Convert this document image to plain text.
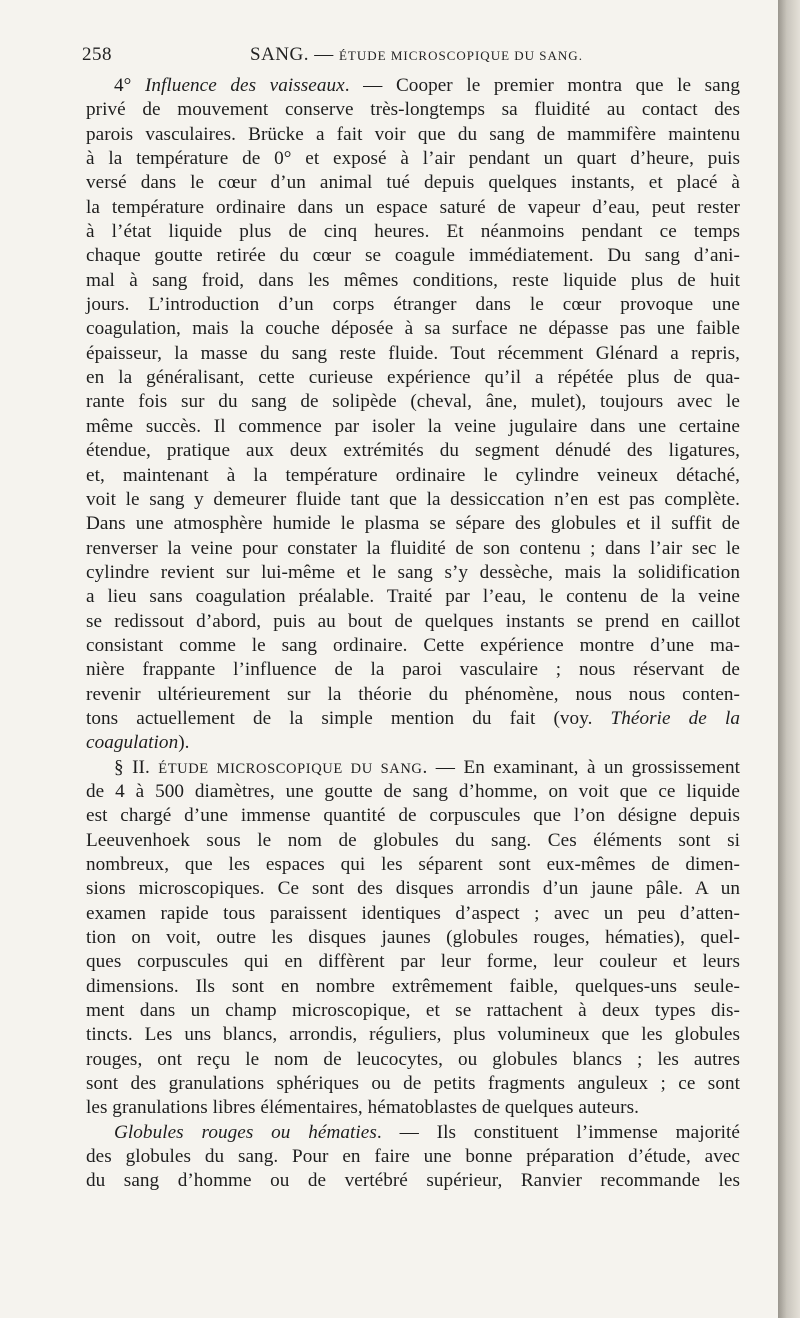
258	SANG. — ÉTUDE MICROSCOPIQUE DU SANG.
4° Influence des vaisseaux. — Cooper le premier montra que le sang
privé de mouvement conserve très-longtemps sa fluidité au contact des
parois vasculaires. Brücke a fait voir que du sang de mammifère maintenu
à la température de 0° et exposé à l’air pendant un quart d’heure, puis
versé dans le cœur d’un animal tué depuis quelques instants, et placé à
la température ordinaire dans un espace saturé de vapeur d’eau, peut rester
à l’état liquide plus de cinq heures. Et néanmoins pendant ce temps
chaque goutte retirée du cœur se coagule immédiatement. Du sang d’ani-
mal à sang froid, dans les mêmes conditions, reste liquide plus de huit
jours. L’introduction d’un corps étranger dans le cœur provoque une
coagulation, mais la couche déposée à sa surface ne dépasse pas une faible
épaisseur, la masse du sang reste fluide. Tout récemment Glénard a repris,
en la généralisant, cette curieuse expérience qu’il a répétée plus de qua-
rante fois sur du sang de solipède (cheval, âne, mulet), toujours avec le
même succès. Il commence par isoler la veine jugulaire dans une certaine
étendue, pratique aux deux extrémités du segment dénudé des ligatures,
et, maintenant à la température ordinaire le cylindre veineux détaché,
voit le sang y demeurer fluide tant que la dessiccation n’en est pas complète.
Dans une atmosphère humide le plasma se sépare des globules et il suffit de
renverser la veine pour constater la fluidité de son contenu ; dans l’air sec le
cylindre revient sur lui-même et le sang s’y dessèche, mais la solidification
a lieu sans coagulation préalable. Traité par l’eau, le contenu de la veine
se redissout d’abord, puis au bout de quelques instants se prend en caillot
consistant comme le sang ordinaire. Cette expérience montre d’une ma-
nière frappante l’influence de la paroi vasculaire ; nous réservant de
revenir ultérieurement sur la théorie du phénomène, nous nous conten-
tons actuellement de la simple mention du fait (voy. Théorie de la
coagulation).
§ II. ÉTUDE MICROSCOPIQUE DU SANG. — En examinant, à un grossissement
de 4 à 500 diamètres, une goutte de sang d’homme, on voit que ce liquide
est chargé d’une immense quantité de corpuscules que l’on désigne depuis
Leeuvenhoek sous le nom de globules du sang. Ces éléments sont si
nombreux, que les espaces qui les séparent sont eux-mêmes de dimen-
sions microscopiques. Ce sont des disques arrondis d’un jaune pâle. A un
examen rapide tous paraissent identiques d’aspect ; avec un peu d’atten-
tion on voit, outre les disques jaunes (globules rouges, hématies), quel-
ques corpuscules qui en diffèrent par leur forme, leur couleur et leurs
dimensions. Ils sont en nombre extrêmement faible, quelques-uns seule-
ment dans un champ microscopique, et se rattachent à deux types dis-
tincts. Les uns blancs, arrondis, réguliers, plus volumineux que les globules
rouges, ont reçu le nom de leucocytes, ou globules blancs ; les autres
sont des granulations sphériques ou de petits fragments anguleux ; ce sont
les granulations libres élémentaires, hématoblastes de quelques auteurs.
Globules rouges ou hématies. — Ils constituent l’immense majorité
des globules du sang. Pour en faire une bonne préparation d’étude, avec
du sang d’homme ou de vertébré supérieur, Ranvier recommande les
